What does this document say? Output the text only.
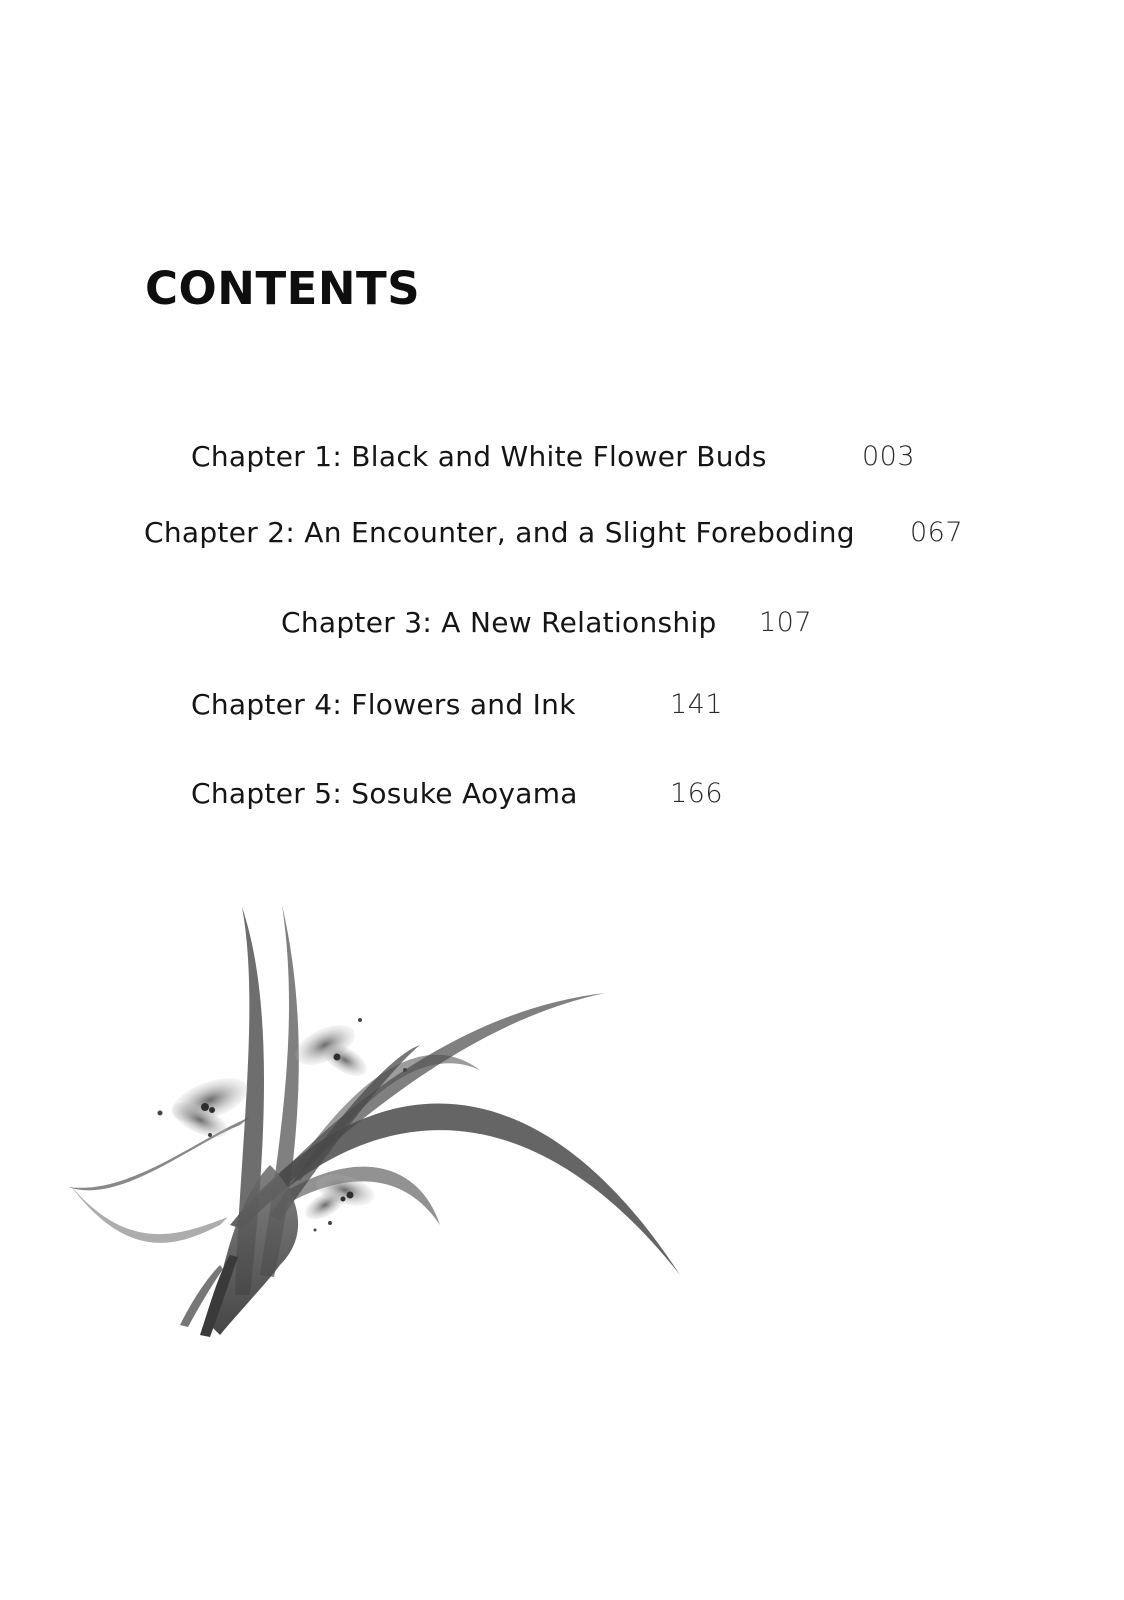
CONTENTS
Chapter 1: Black and White Flower Buds	003
Chapter 2: An Encounter, and a Slight Foreboding 067
Chapter 3: A New Relationship 107
Chapter 4: Flowers and Ink	141
Chapter 5: Sosuke Aoyama	166
